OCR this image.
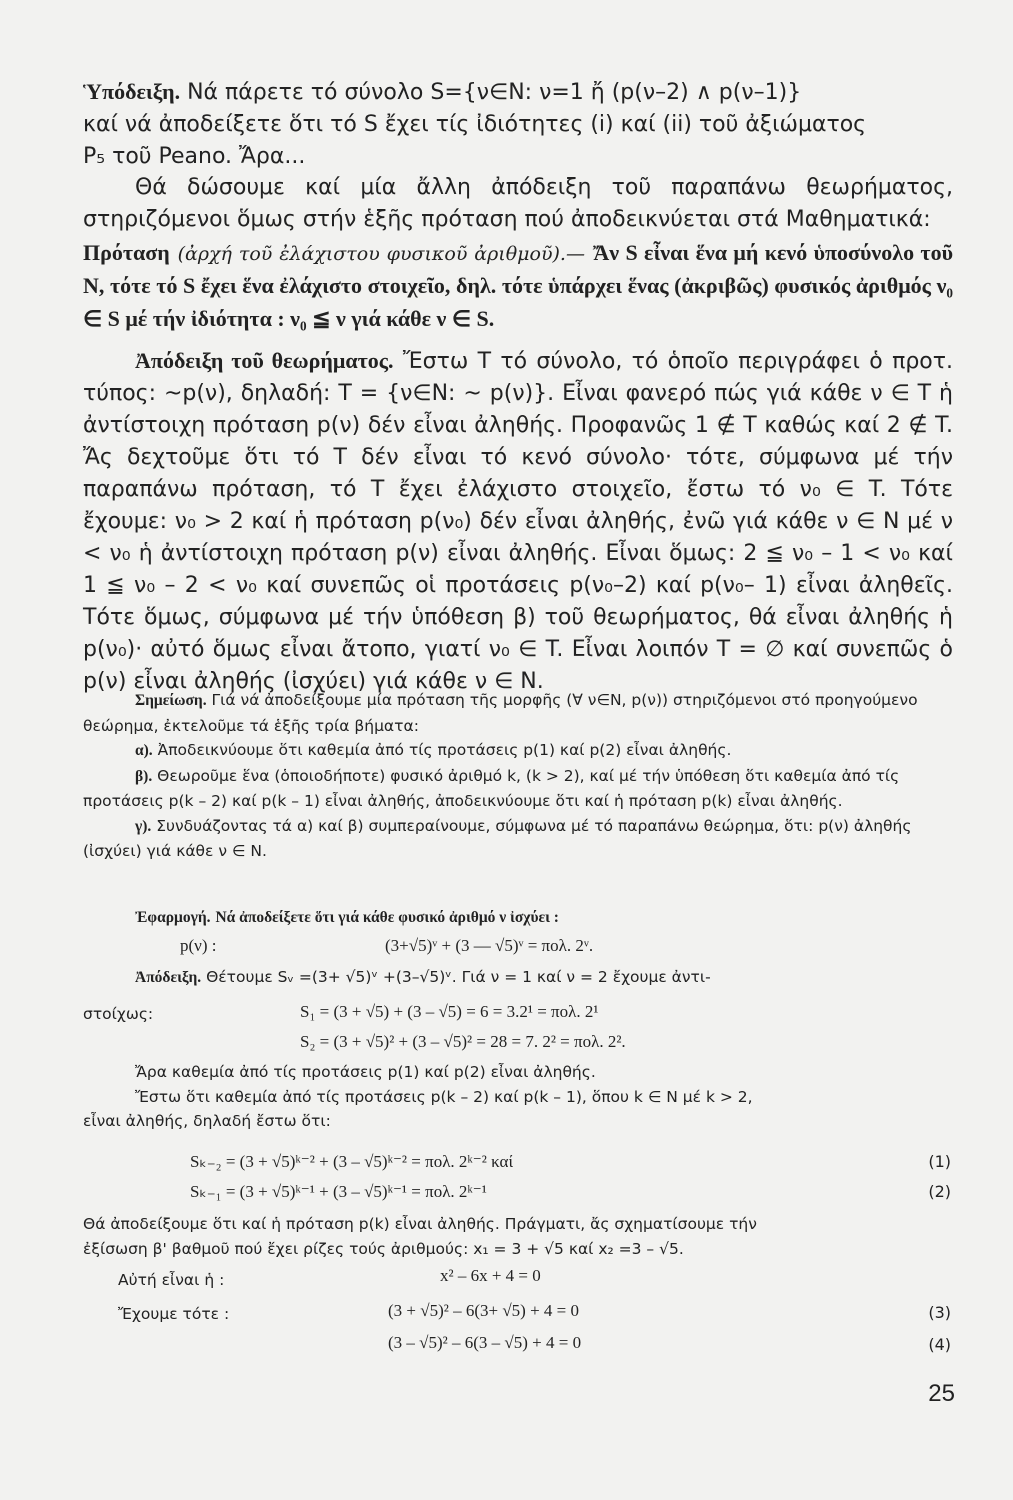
Ὑπόδειξη. Νά πάρετε τό σύνολο S={ν∈N: ν=1 ἤ (p(ν–2) ∧ p(ν–1)}

καί νά ἀποδείξετε ὅτι τό S ἔχει τίς ἰδιότητες (i) καί (ii) τοῦ ἀξιώματος

P₅ τοῦ Peano. Ἄρα...

Θά δώσουμε καί μία ἄλλη ἀπόδειξη τοῦ παραπάνω θεωρήματος, στηριζόμενοι ὅμως στήν ἑξῆς πρόταση πού ἀποδεικνύεται στά Μαθηματικά:

Πρόταση (ἀρχή τοῦ ἐλάχιστου φυσικοῦ ἀριθμοῦ).— Ἄν S εἶναι ἕνα μή κενό ὑποσύνολο τοῦ N, τότε τό S ἔχει ἕνα ἐλάχιστο στοιχεῖο, δηλ. τότε ὑπάρχει ἕνας (ἀκριβῶς) φυσικός ἀριθμός ν₀ ∈ S μέ τήν ἰδιότητα : ν₀ ≦ ν γιά κάθε ν ∈ S.

Ἀπόδειξη τοῦ θεωρήματος. Ἔστω T τό σύνολο, τό ὁποῖο περιγράφει ὁ προτ. τύπος: ~p(ν), δηλαδή: T = {ν∈N: ~ p(ν)}. Εἶναι φανερό πώς γιά κάθε ν ∈ T ἡ ἀντίστοιχη πρόταση p(ν) δέν εἶναι ἀληθής. Προφανῶς 1 ∉ T καθώς καί 2 ∉ T. Ἄς δεχτοῦμε ὅτι τό T δέν εἶναι τό κενό σύνολο· τότε, σύμφωνα μέ τήν παραπάνω πρόταση, τό T ἔχει ἐλάχιστο στοιχεῖο, ἔστω τό ν₀ ∈ T. Τότε ἔχουμε: ν₀ > 2 καί ἡ πρόταση p(ν₀) δέν εἶναι ἀληθής, ἐνῶ γιά κάθε ν ∈ N μέ ν < ν₀ ἡ ἀντίστοιχη πρόταση p(ν) εἶναι ἀληθής. Εἶναι ὅμως: 2 ≦ ν₀ – 1 < ν₀ καί 1 ≦ ν₀ – 2 < ν₀ καί συνεπῶς οἱ προτάσεις p(ν₀–2) καί p(ν₀– 1) εἶναι ἀληθεῖς. Τότε ὅμως, σύμφωνα μέ τήν ὑπόθεση β) τοῦ θεωρήματος, θά εἶναι ἀληθής ἡ p(ν₀)· αὐτό ὅμως εἶναι ἄτοπο, γιατί ν₀ ∈ T. Εἶναι λοιπόν T = ∅ καί συνεπῶς ὁ p(ν) εἶναι ἀληθής (ἰσχύει) γιά κάθε ν ∈ N.

Σημείωση. Γιά νά ἀποδείξουμε μία πρόταση τῆς μορφῆς (∀ ν∈N, p(ν)) στηριζόμενοι στό προηγούμενο θεώρημα, ἐκτελοῦμε τά ἑξῆς τρία βήματα:

α). Ἀποδεικνύουμε ὅτι καθεμία ἀπό τίς προτάσεις p(1) καί p(2) εἶναι ἀληθής.

β). Θεωροῦμε ἕνα (ὁποιοδήποτε) φυσικό ἀριθμό k, (k > 2), καί μέ τήν ὑπόθεση ὅτι καθεμία ἀπό τίς προτάσεις p(k – 2) καί p(k – 1) εἶναι ἀληθής, ἀποδεικνύουμε ὅτι καί ἡ πρόταση p(k) εἶναι ἀληθής.

γ). Συνδυάζοντας τά α) καί β) συμπεραίνουμε, σύμφωνα μέ τό παραπάνω θεώρημα, ὅτι: p(ν) ἀληθής (ἰσχύει) γιά κάθε ν ∈ N.

Ἐφαρμογή. Νά ἀποδείξετε ὅτι γιά κάθε φυσικό ἀριθμό ν ἰσχύει :

p(ν) :	(3+√5)ᵛ + (3 — √5)ᵛ = πολ. 2ᵛ.

Ἀπόδειξη. Θέτουμε Sᵥ =(3+ √5)ᵛ +(3–√5)ᵛ. Γιά ν = 1 καί ν = 2 ἔχουμε ἀντι-

στοίχως:	S₁ = (3 + √5) + (3 – √5) = 6 = 3.2¹ = πολ. 2¹
S₂ = (3 + √5)² + (3 – √5)² = 28 = 7. 2² = πολ. 2².

Ἄρα καθεμία ἀπό τίς προτάσεις p(1) καί p(2) εἶναι ἀληθής.

Ἔστω ὅτι καθεμία ἀπό τίς προτάσεις p(k – 2) καί p(k – 1), ὅπου k ∈ N μέ k > 2,

εἶναι ἀληθής, δηλαδή ἔστω ὅτι:

Sₖ₋₂ = (3 + √5)ᵏ⁻² + (3 – √5)ᵏ⁻² = πολ. 2ᵏ⁻² καί	(1)
Sₖ₋₁ = (3 + √5)ᵏ⁻¹ + (3 – √5)ᵏ⁻¹ = πολ. 2ᵏ⁻¹	(2)

Θά ἀποδείξουμε ὅτι καί ἡ πρόταση p(k) εἶναι ἀληθής. Πράγματι, ἄς σχηματίσουμε τήν

ἐξίσωση β' βαθμοῦ πού ἔχει ρίζες τούς ἀριθμούς: x₁ = 3 + √5 καί x₂ =3 – √5.

Αὐτή εἶναι ἡ :	x² – 6x + 4 = 0
Ἔχουμε τότε :	(3 + √5)² – 6(3+ √5) + 4 = 0	(3)
(3 – √5)² – 6(3 – √5) + 4 = 0	(4)
25
